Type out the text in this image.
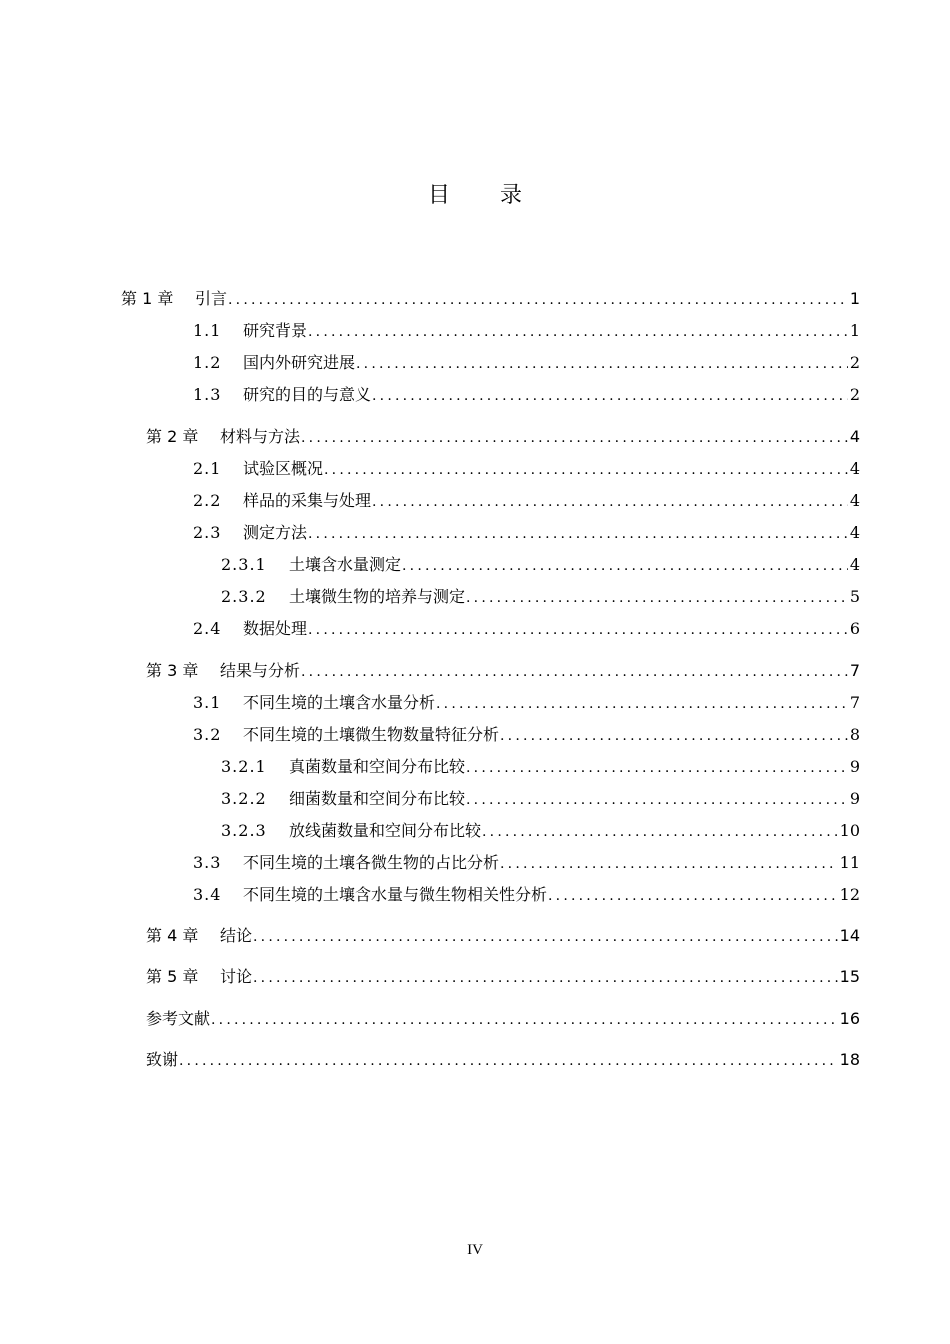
目 录
第 1 章	引言 .....	1
1.1	研究背景 .....	1
1.2	国内外研究进展 .....	2
1.3	研究的目的与意义 .....	2
第 2 章	材料与方法 .....	4
2.1	试验区概况 .....	4
2.2	样品的采集与处理 .....	4
2.3	测定方法 .....	4
2.3.1	土壤含水量测定 .....	4
2.3.2	土壤微生物的培养与测定 .....	5
2.4	数据处理 .....	6
第 3 章	结果与分析 .....	7
3.1	不同生境的土壤含水量分析 .....	7
3.2	不同生境的土壤微生物数量特征分析 .....	8
3.2.1	真菌数量和空间分布比较 .....	9
3.2.2	细菌数量和空间分布比较 .....	9
3.2.3	放线菌数量和空间分布比较 .....	10
3.3	不同生境的土壤各微生物的占比分析 .....	11
3.4	不同生境的土壤含水量与微生物相关性分析 .....	12
第 4 章	结论 .....	14
第 5 章	讨论 .....	15
参考文献 .....	16
致谢 .....	18
IV
